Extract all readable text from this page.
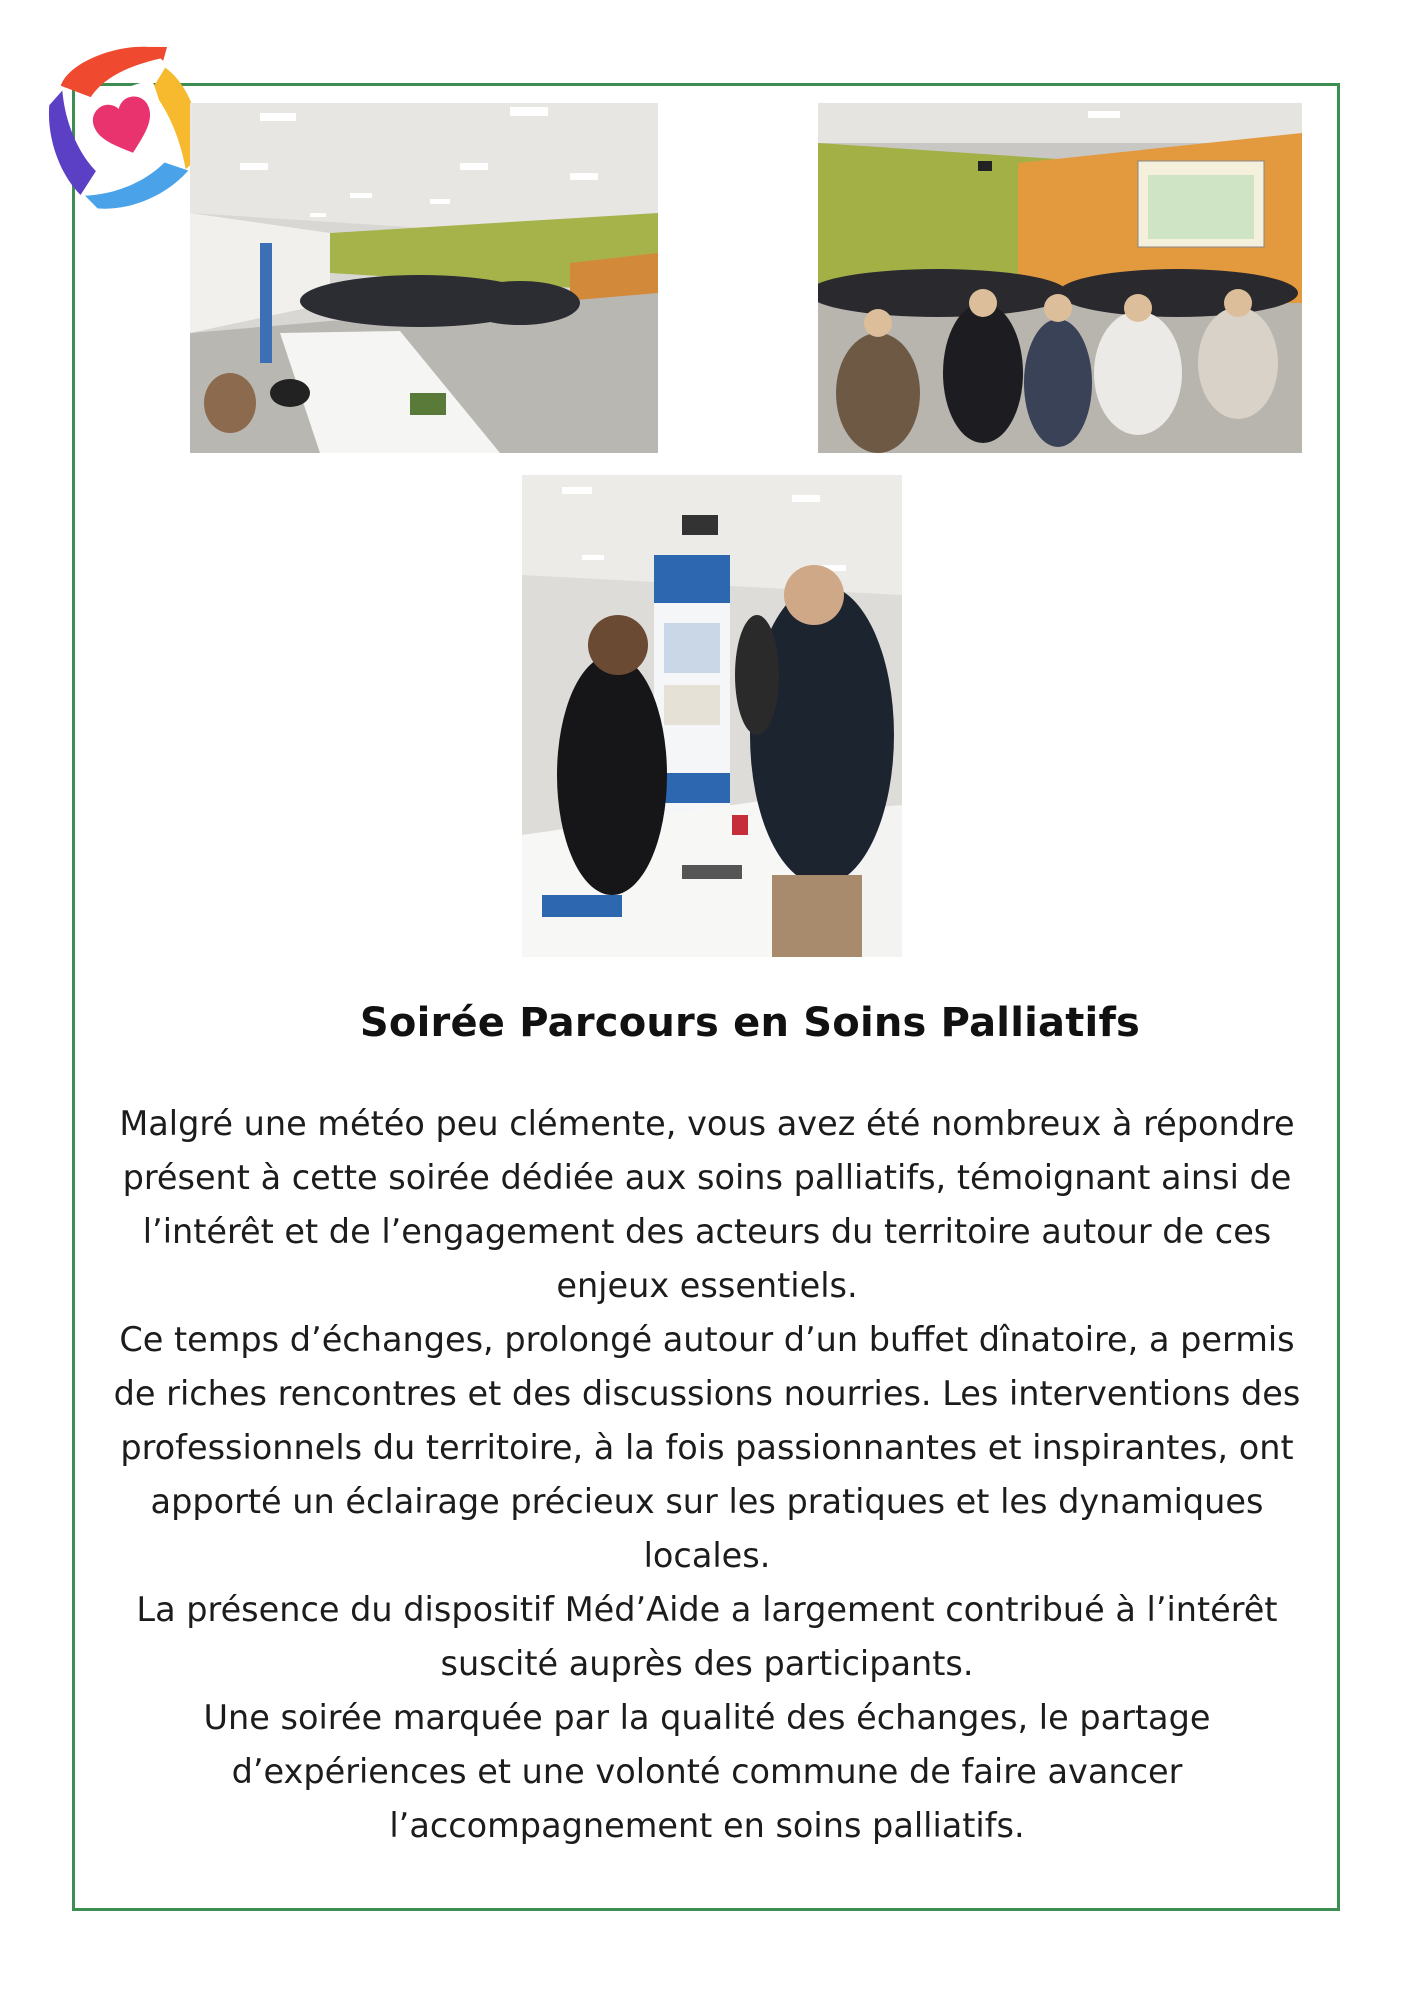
Soirée Parcours en Soins Palliatifs

Malgré une météo peu clémente, vous avez été nombreux à répondre présent à cette soirée dédiée aux soins palliatifs, témoignant ainsi de l’intérêt et de l’engagement des acteurs du territoire autour de ces enjeux essentiels.

Ce temps d’échanges, prolongé autour d’un buffet dînatoire, a permis de riches rencontres et des discussions nourries. Les interventions des professionnels du territoire, à la fois passionnantes et inspirantes, ont apporté un éclairage précieux sur les pratiques et les dynamiques locales.

La présence du dispositif Méd’Aide a largement contribué à l’intérêt suscité auprès des participants.

Une soirée marquée par la qualité des échanges, le partage d’expériences et une volonté commune de faire avancer l’accompagnement en soins palliatifs.
